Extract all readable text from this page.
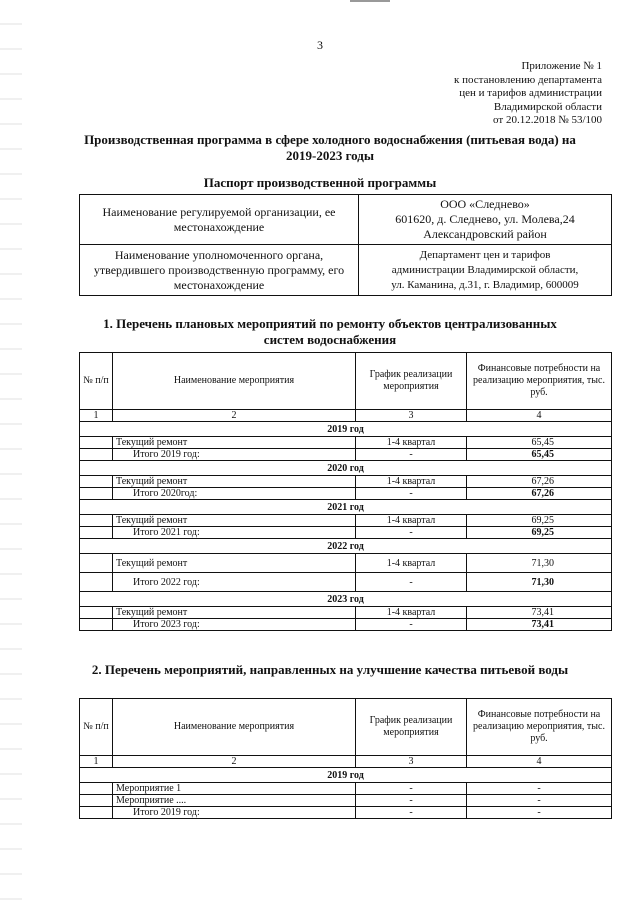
3
Приложение № 1
к постановлению департамента
цен и тарифов администрации
Владимирской области
от 20.12.2018 № 53/100
Производственная программа в сфере холодного водоснабжения (питьевая вода) на 2019-2023 годы
Паспорт производственной программы
Наименование регулируемой организации, ее местонахождение	ООО «Следнево»
601620, д. Следнево, ул. Молева,24
Александровский район

Наименование уполномоченного органа, утвердившего производственную программу, его местонахождение	Департамент цен и тарифов
администрации Владимирской области,
ул. Каманина, д.31, г. Владимир, 600009
1. Перечень плановых мероприятий по ремонту объектов централизованных систем водоснабжения
№ п/п	Наименование мероприятия	График реализации мероприятия	Финансовые потребности на реализацию мероприятия, тыс. руб.
1	2	3	4
2019 год			
	Текущий ремонт	1-4 квартал	65,45
	Итого 2019 год:	-	65,45
2020 год			
	Текущий ремонт	1-4 квартал	67,26
	Итого 2020год:	-	67,26
2021 год			
	Текущий ремонт	1-4 квартал	69,25
	Итого 2021 год:	-	69,25
2022 год			
	Текущий ремонт	1-4 квартал	71,30
	Итого 2022 год:	-	71,30
2023 год			
	Текущий ремонт	1-4 квартал	73,41
	Итого 2023 год:	-	73,41
2. Перечень мероприятий, направленных на улучшение качества питьевой воды
№ п/п	Наименование мероприятия	График реализации мероприятия	Финансовые потребности на реализацию мероприятия, тыс. руб.
1	2	3	4
2019 год			
	Мероприятие 1	-	-
	Мероприятие ....	-	-
	Итого 2019 год:	-	-
